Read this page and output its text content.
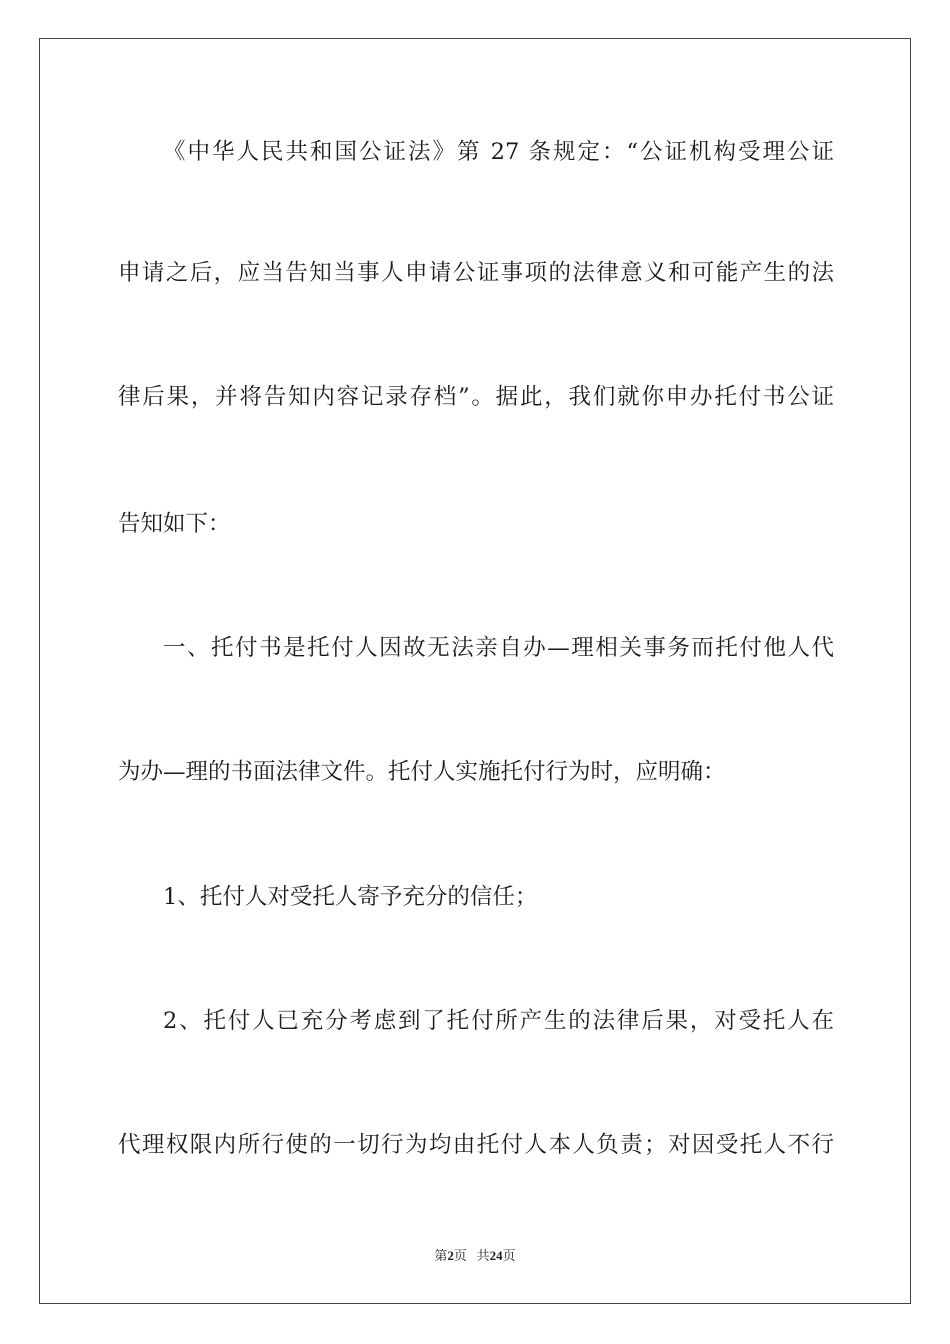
《中华人民共和国公证法》第 27 条规定：“公证机构受理公证
申请之后，应当告知当事人申请公证事项的法律意义和可能产生的法
律后果，并将告知内容记录存档”。据此，我们就你申办托付书公证
告知如下：
一、托付书是托付人因故无法亲自办—理相关事务而托付他人代
为办—理的书面法律文件。托付人实施托付行为时，应明确：
1、托付人对受托人寄予充分的信任；
2、托付人已充分考虑到了托付所产生的法律后果，对受托人在
代理权限内所行使的一切行为均由托付人本人负责；对因受托人不行
第2页 共24页
